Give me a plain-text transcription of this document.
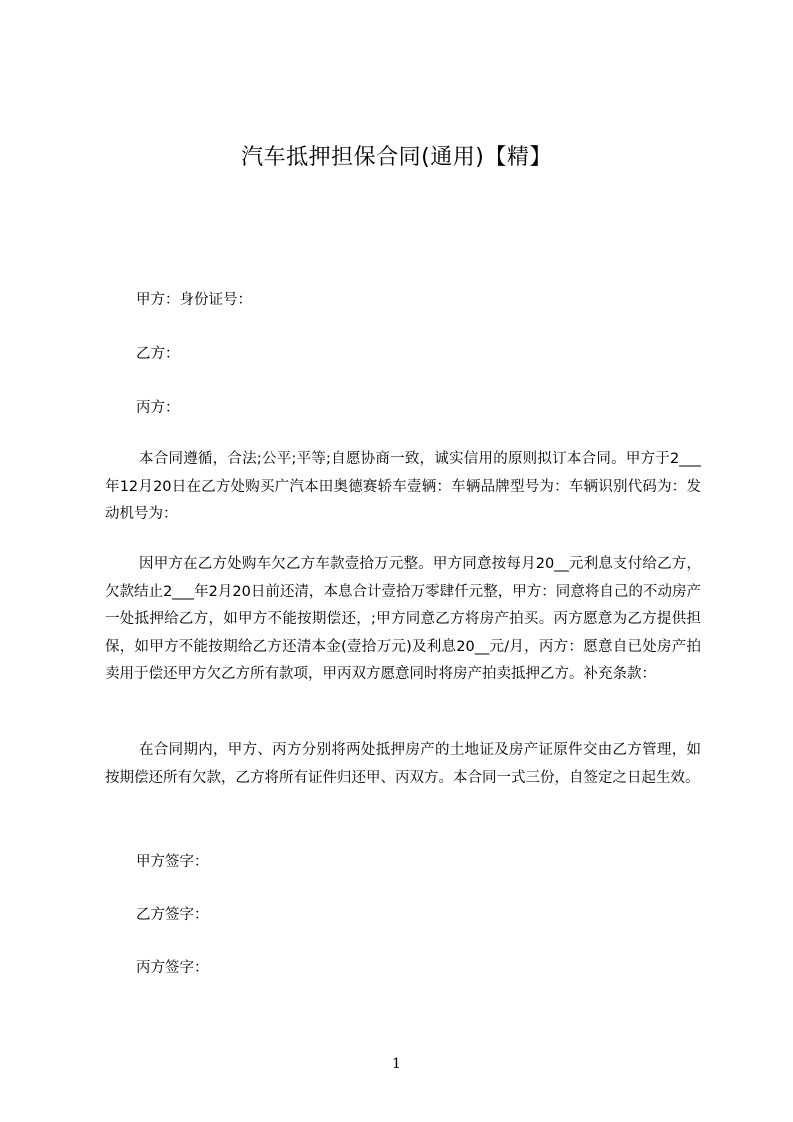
汽车抵押担保合同(通用)【精】
甲方：身份证号：
乙方：
丙方：
本合同遵循，合法;公平;平等;自愿协商一致，诚实信用的原则拟订本合同。甲方于2___年12月20日在乙方处购买广汽本田奥德赛轿车壹辆：车辆品牌型号为：车辆识别代码为：发动机号为：
因甲方在乙方处购车欠乙方车款壹拾万元整。甲方同意按每月20__元利息支付给乙方，欠款结止2___年2月20日前还清，本息合计壹拾万零肆仟元整，甲方：同意将自己的不动房产一处抵押给乙方，如甲方不能按期偿还，;甲方同意乙方将房产拍买。丙方愿意为乙方提供担保，如甲方不能按期给乙方还清本金(壹拾万元)及利息20__元/月，丙方：愿意自已处房产拍卖用于偿还甲方欠乙方所有款项，甲丙双方愿意同时将房产拍卖抵押乙方。补充条款：
在合同期内，甲方、丙方分别将两处抵押房产的土地证及房产证原件交由乙方管理，如按期偿还所有欠款，乙方将所有证件归还甲、丙双方。本合同一式三份，自签定之日起生效。
甲方签字：
乙方签字：
丙方签字：
1
